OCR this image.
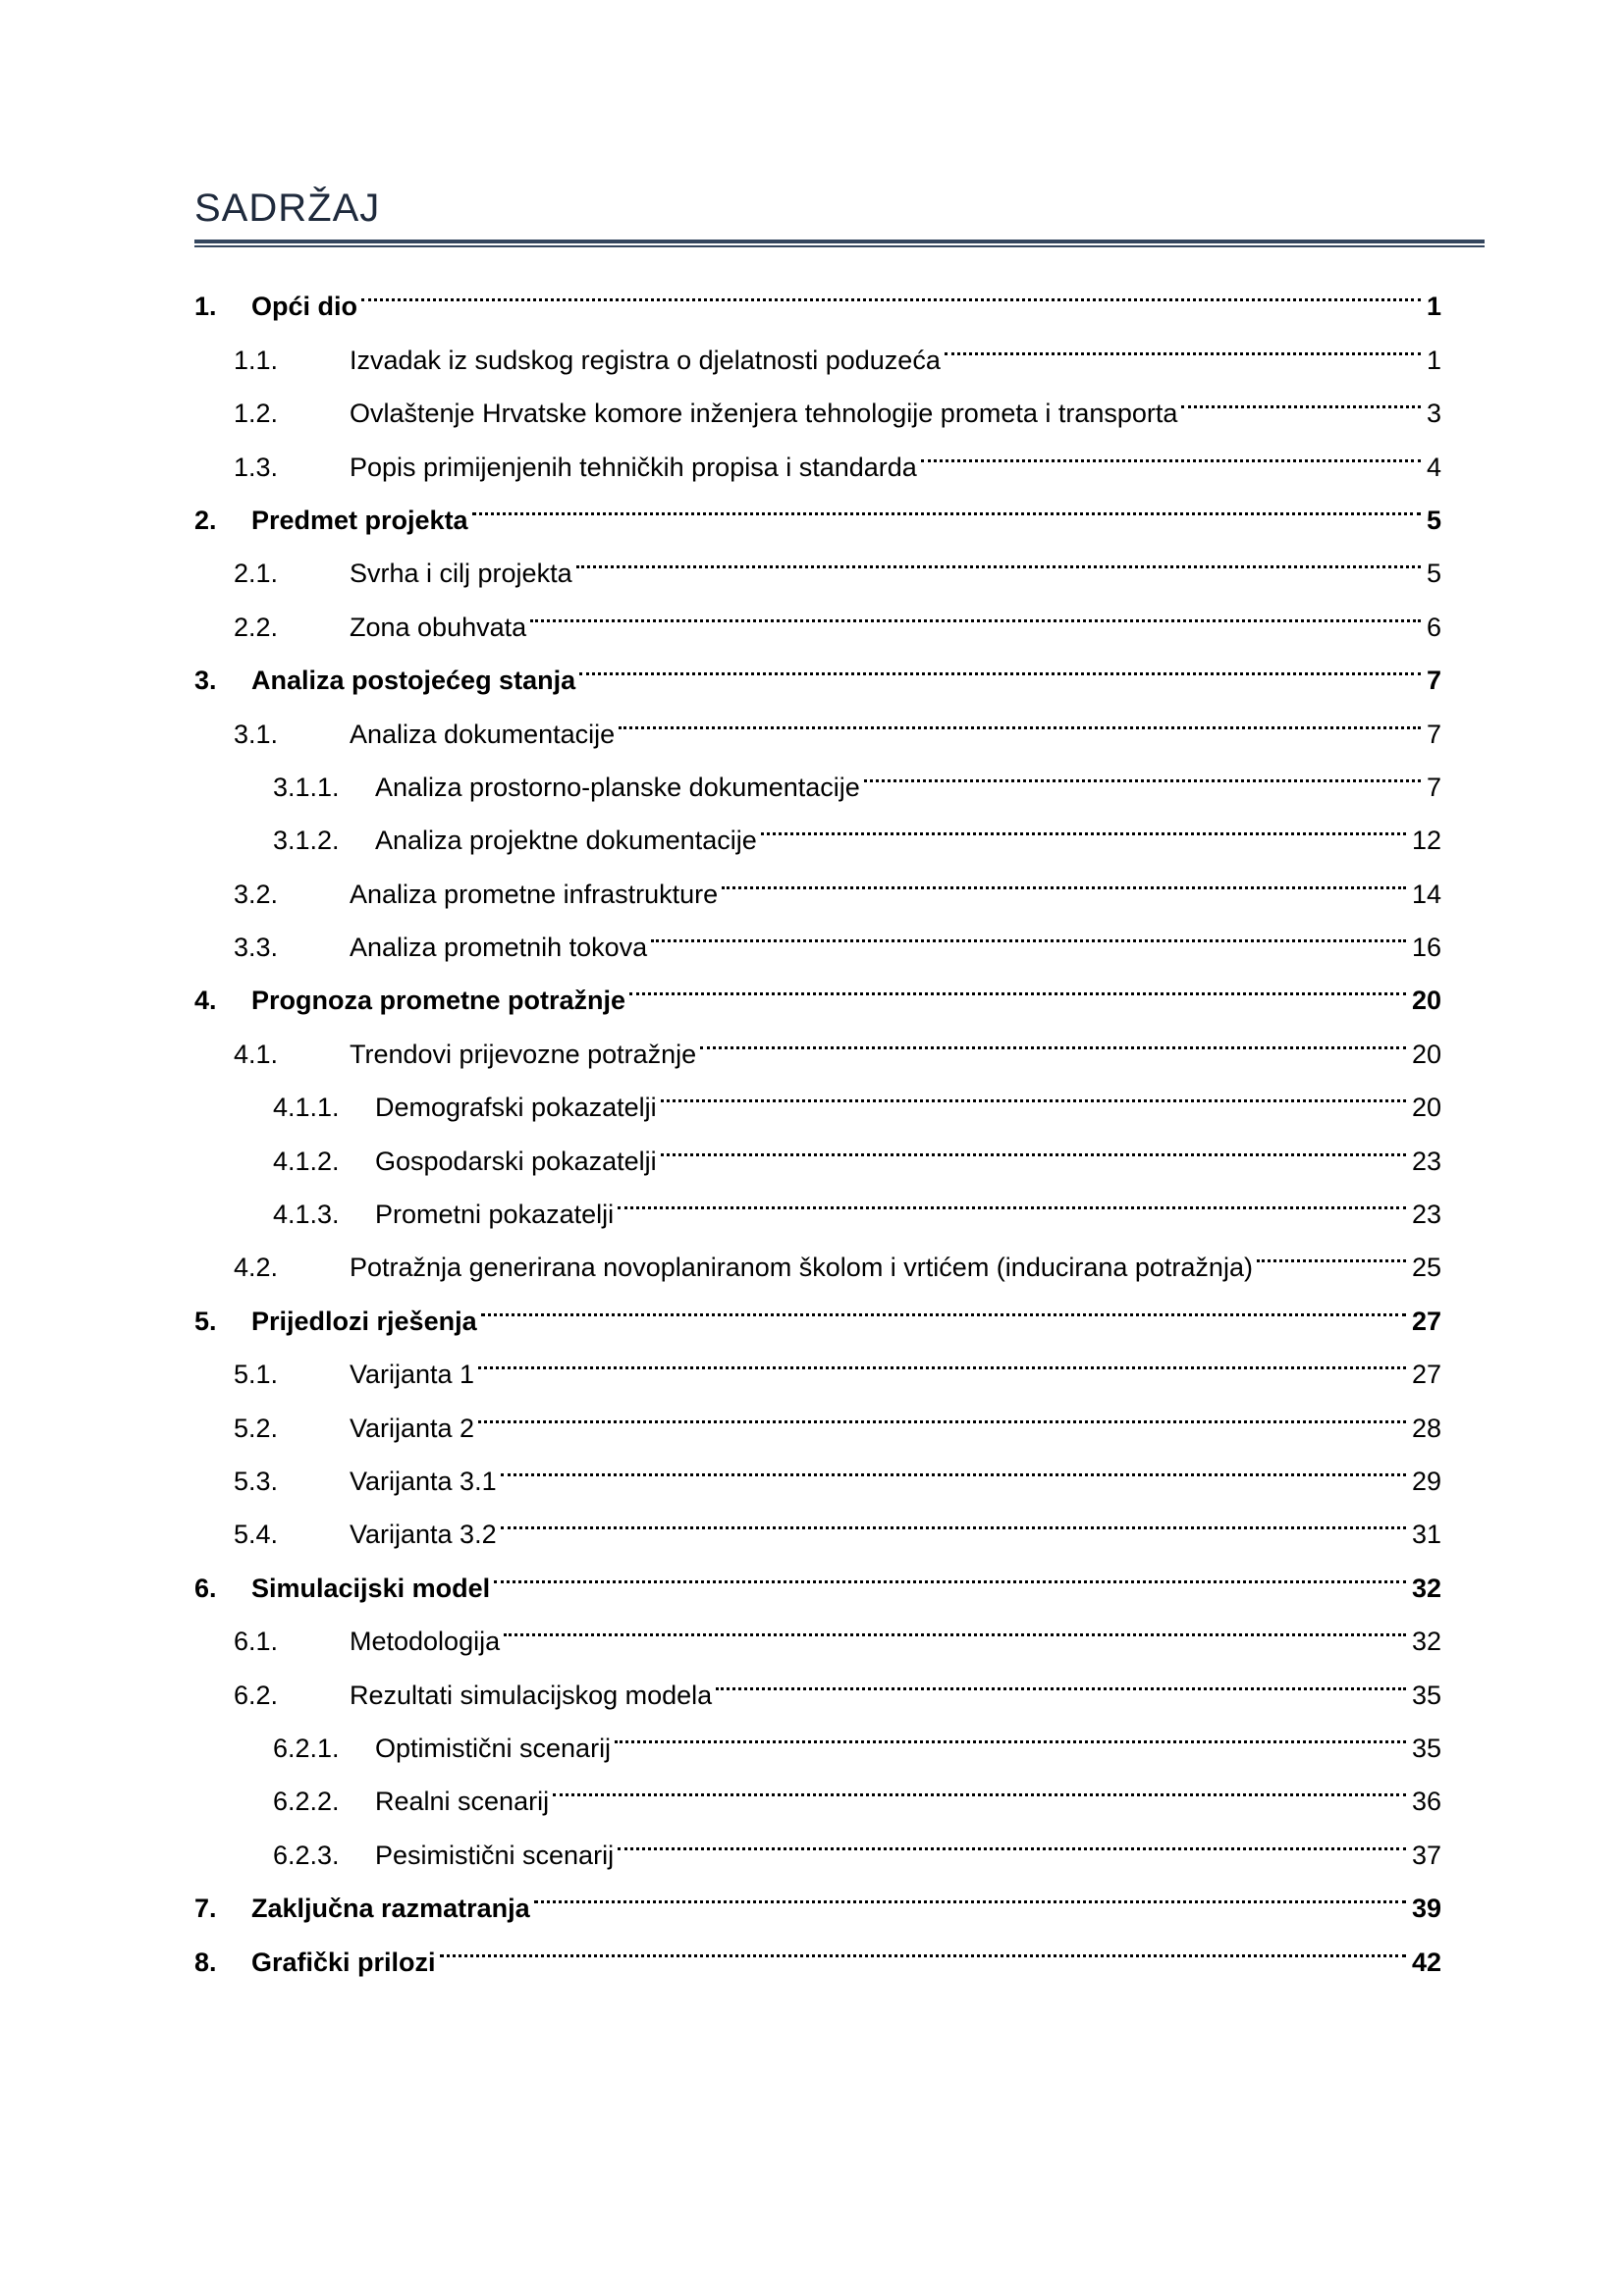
SADRŽAJ
1.	Opći dio	1
1.1.	Izvadak iz sudskog registra o djelatnosti poduzeća	1
1.2.	Ovlaštenje Hrvatske komore inženjera tehnologije prometa i transporta	3
1.3.	Popis primijenjenih tehničkih propisa i standarda	4
2.	Predmet projekta	5
2.1.	Svrha i cilj projekta	5
2.2.	Zona obuhvata	6
3.	Analiza postojećeg stanja	7
3.1.	Analiza dokumentacije	7
3.1.1.	Analiza prostorno-planske dokumentacije	7
3.1.2.	Analiza projektne dokumentacije	12
3.2.	Analiza prometne infrastrukture	14
3.3.	Analiza prometnih tokova	16
4.	Prognoza prometne potražnje	20
4.1.	Trendovi prijevozne potražnje	20
4.1.1.	Demografski pokazatelji	20
4.1.2.	Gospodarski pokazatelji	23
4.1.3.	Prometni pokazatelji	23
4.2.	Potražnja generirana novoplaniranom školom i vrtićem (inducirana potražnja)	25
5.	Prijedlozi rješenja	27
5.1.	Varijanta 1	27
5.2.	Varijanta 2	28
5.3.	Varijanta 3.1	29
5.4.	Varijanta 3.2	31
6.	Simulacijski model	32
6.1.	Metodologija	32
6.2.	Rezultati simulacijskog modela	35
6.2.1.	Optimistični scenarij	35
6.2.2.	Realni scenarij	36
6.2.3.	Pesimistični scenarij	37
7.	Zaključna razmatranja	39
8.	Grafički prilozi	42
